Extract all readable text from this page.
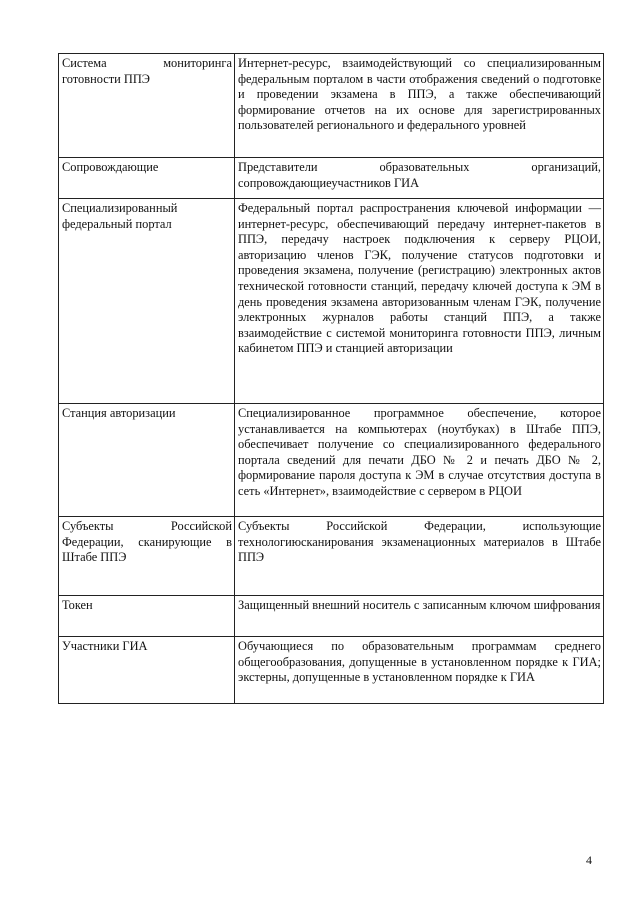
Система мониторинга готовности ППЭ	Интернет-ресурс, взаимодействующий со специализированным федеральным порталом в части отображения сведений о подготовке и проведении экзамена в ППЭ, а также обеспечивающий формирование отчетов на их основе для зарегистрированных пользователей регионального и федерального уровней
Сопровождающие	Представители образовательных организаций, сопровождающиеучастников ГИА
Специализированный федеральный портал	Федеральный портал распространения ключевой информации —интернет-ресурс, обеспечивающий передачу интернет-пакетов в ППЭ, передачу настроек подключения к серверу РЦОИ, авторизацию членов ГЭК, получение статусов подготовки и проведения экзамена, получение (регистрацию) электронных актов технической готовности станций, передачу ключей доступа к ЭМ в день проведения экзамена авторизованным членам ГЭК, получение электронных журналов работы станций ППЭ, а также взаимодействие с системой мониторинга готовности ППЭ, личным кабинетом ППЭ и станцией авторизации
Станция авторизации	Специализированное программное обеспечение, которое устанавливается на компьютерах (ноутбуках) в Штабе ППЭ, обеспечивает получение со специализированного федерального портала сведений для печати ДБО № 2 и печать ДБО № 2, формирование пароля доступа к ЭМ в случае отсутствия доступа в сеть «Интернет», взаимодействие с сервером в РЦОИ
Субъекты Российской Федерации, сканирующие в Штабе ППЭ	Субъекты Российской Федерации, использующие технологиюсканирования экзаменационных материалов в Штабе ППЭ
Токен	Защищенный внешний носитель с записанным ключом шифрования
Участники ГИА	Обучающиеся по образовательным программам среднего общегообразования, допущенные в установленном порядке к ГИА; экстерны, допущенные в установленном порядке к ГИА
4
